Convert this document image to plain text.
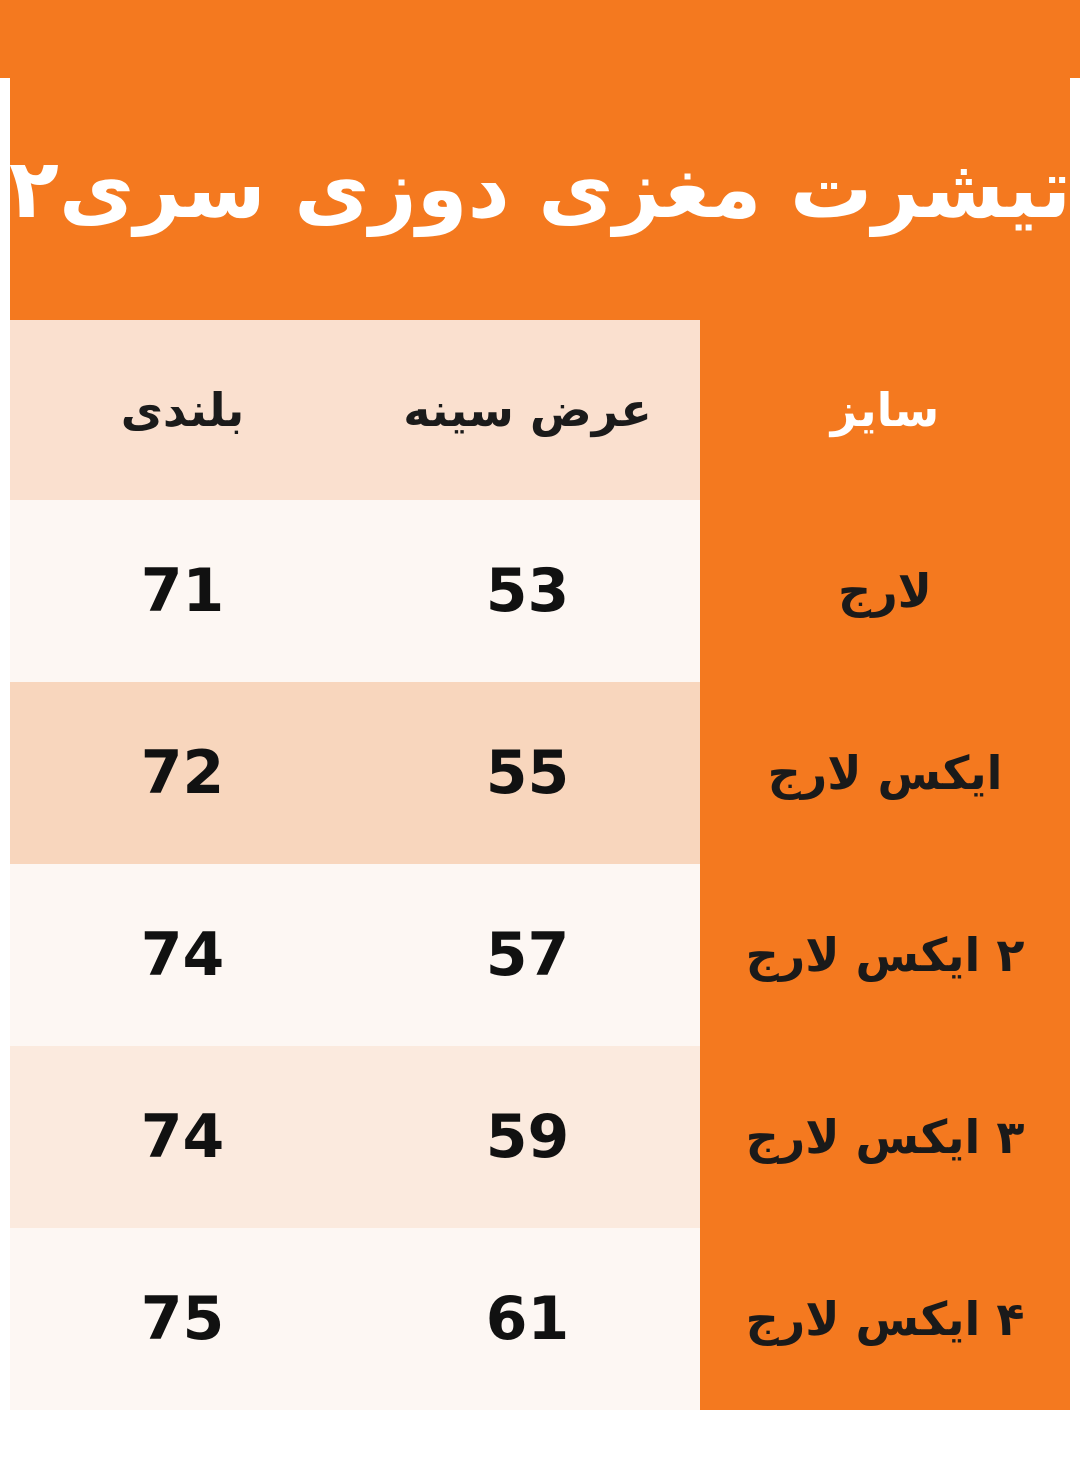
تیشرت مغزی دوزی سری۲
سایز	عرض سینه	بلندی
لارج	53	71
ایکس لارج	55	72
۲ ایکس لارج	57	74
۳ ایکس لارج	59	74
۴ ایکس لارج	61	75
